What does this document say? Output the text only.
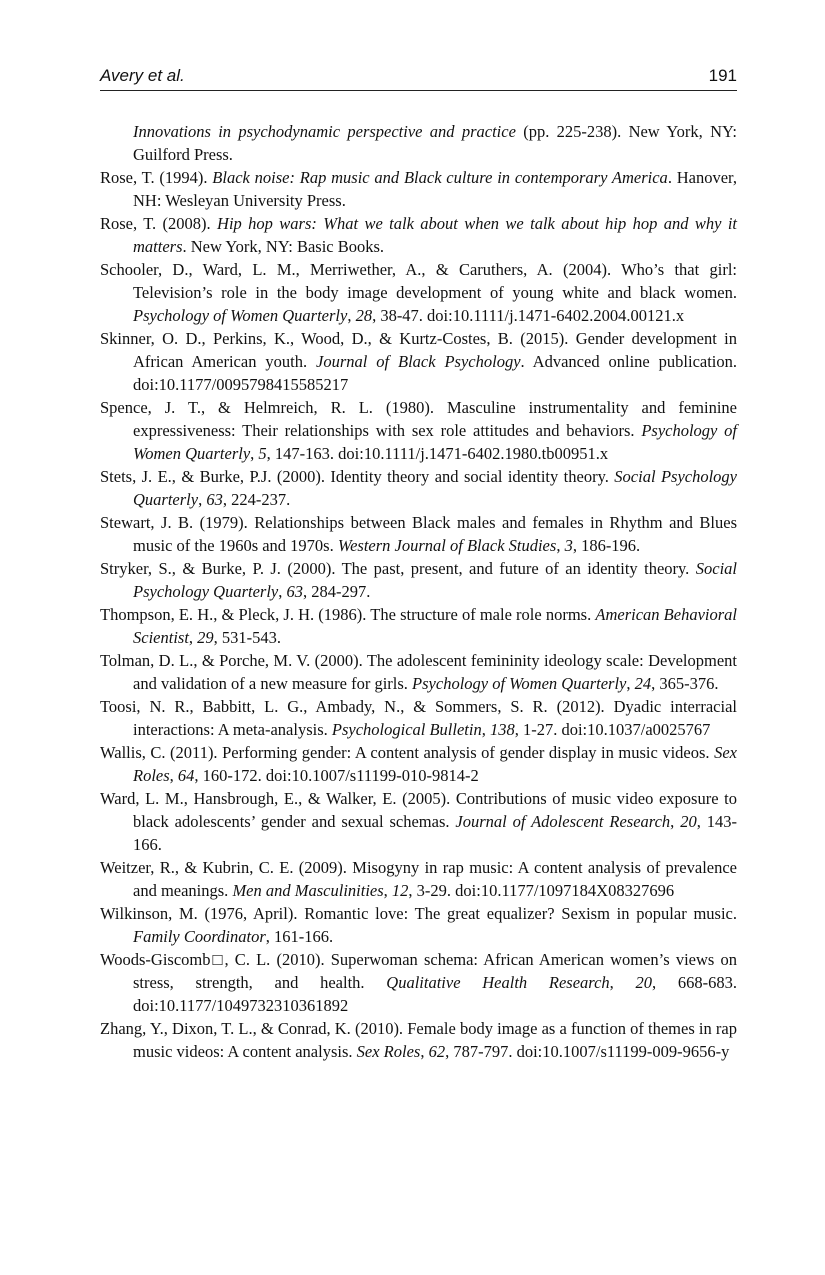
Avery et al.	191

Innovations in psychodynamic perspective and practice (pp. 225-238). New York, NY: Guilford Press.

Rose, T. (1994). Black noise: Rap music and Black culture in contemporary America. Hanover, NH: Wesleyan University Press.

Rose, T. (2008). Hip hop wars: What we talk about when we talk about hip hop and why it matters. New York, NY: Basic Books.

Schooler, D., Ward, L. M., Merriwether, A., & Caruthers, A. (2004). Who’s that girl: Television’s role in the body image development of young white and black women. Psychology of Women Quarterly, 28, 38-47. doi:10.1111/j.1471-6402.2004.00121.x

Skinner, O. D., Perkins, K., Wood, D., & Kurtz-Costes, B. (2015). Gender development in African American youth. Journal of Black Psychology. Advanced online publication. doi:10.1177/0095798415585217

Spence, J. T., & Helmreich, R. L. (1980). Masculine instrumentality and feminine expressiveness: Their relationships with sex role attitudes and behaviors. Psychology of Women Quarterly, 5, 147-163. doi:10.1111/j.1471-6402.1980.tb00951.x

Stets, J. E., & Burke, P.J. (2000). Identity theory and social identity theory. Social Psychology Quarterly, 63, 224-237.

Stewart, J. B. (1979). Relationships between Black males and females in Rhythm and Blues music of the 1960s and 1970s. Western Journal of Black Studies, 3, 186-196.

Stryker, S., & Burke, P. J. (2000). The past, present, and future of an identity theory. Social Psychology Quarterly, 63, 284-297.

Thompson, E. H., & Pleck, J. H. (1986). The structure of male role norms. American Behavioral Scientist, 29, 531-543.

Tolman, D. L., & Porche, M. V. (2000). The adolescent femininity ideology scale: Development and validation of a new measure for girls. Psychology of Women Quarterly, 24, 365-376.

Toosi, N. R., Babbitt, L. G., Ambady, N., & Sommers, S. R. (2012). Dyadic interracial interactions: A meta-analysis. Psychological Bulletin, 138, 1-27. doi:10.1037/a0025767

Wallis, C. (2011). Performing gender: A content analysis of gender display in music videos. Sex Roles, 64, 160-172. doi:10.1007/s11199-010-9814-2

Ward, L. M., Hansbrough, E., & Walker, E. (2005). Contributions of music video exposure to black adolescents’ gender and sexual schemas. Journal of Adolescent Research, 20, 143-166.

Weitzer, R., & Kubrin, C. E. (2009). Misogyny in rap music: A content analysis of prevalence and meanings. Men and Masculinities, 12, 3-29. doi:10.1177/1097184X08327696

Wilkinson, M. (1976, April). Romantic love: The great equalizer? Sexism in popular music. Family Coordinator, 161-166.

Woods-Giscomb□, C. L. (2010). Superwoman schema: African American women’s views on stress, strength, and health. Qualitative Health Research, 20, 668-683. doi:10.1177/1049732310361892

Zhang, Y., Dixon, T. L., & Conrad, K. (2010). Female body image as a function of themes in rap music videos: A content analysis. Sex Roles, 62, 787-797. doi:10.1007/s11199-009-9656-y
